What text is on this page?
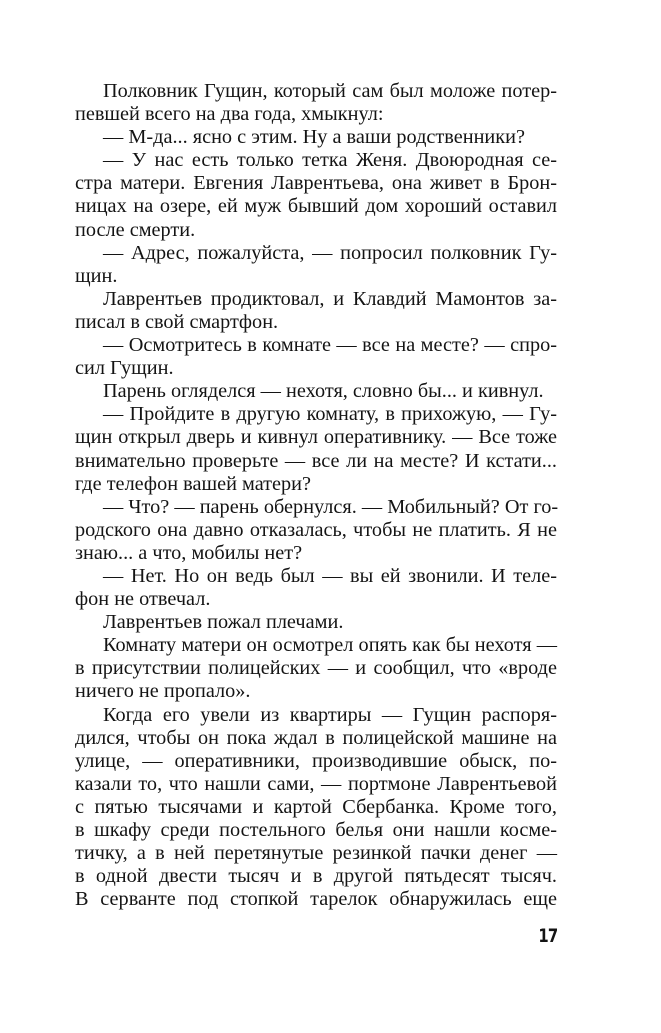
Полковник Гущин, который сам был моложе потер-
певшей всего на два года, хмыкнул:
— М-да... ясно с этим. Ну а ваши родственники?
— У нас есть только тетка Женя. Двоюродная се-
стра матери. Евгения Лаврентьева, она живет в Брон-
ницах на озере, ей муж бывший дом хороший оставил
после смерти.
— Адрес, пожалуйста, — попросил полковник Гу-
щин.
Лаврентьев продиктовал, и Клавдий Мамонтов за-
писал в свой смартфон.
— Осмотритесь в комнате — все на месте? — спро-
сил Гущин.
Парень огляделся — нехотя, словно бы... и кивнул.
— Пройдите в другую комнату, в прихожую, — Гу-
щин открыл дверь и кивнул оперативнику. — Все тоже
внимательно проверьте — все ли на месте? И кстати...
где телефон вашей матери?
— Что? — парень обернулся. — Мобильный? От го-
родского она давно отказалась, чтобы не платить. Я не
знаю... а что, мобилы нет?
— Нет. Но он ведь был — вы ей звонили. И теле-
фон не отвечал.
Лаврентьев пожал плечами.
Комнату матери он осмотрел опять как бы нехотя —
в присутствии полицейских — и сообщил, что «вроде
ничего не пропало».
Когда его увели из квартиры — Гущин распоря-
дился, чтобы он пока ждал в полицейской машине на
улице, — оперативники, производившие обыск, по-
казали то, что нашли сами, — портмоне Лаврентьевой
с пятью тысячами и картой Сбербанка. Кроме того,
в шкафу среди постельного белья они нашли космe-
тичку, а в ней перетянутые резинкой пачки денег —
в одной двести тысяч и в другой пятьдесят тысяч.
В серванте под стопкой тарелок обнаружилась еще
17
